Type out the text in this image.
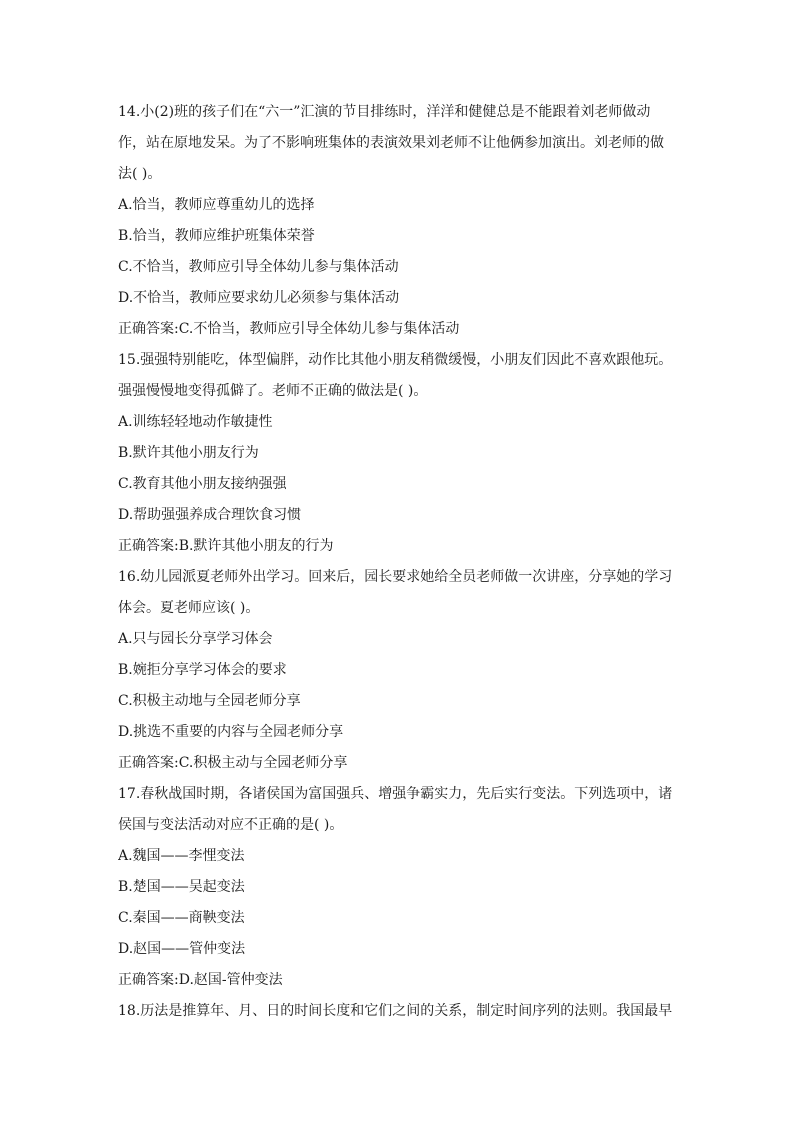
14.小(2)班的孩子们在“六一”汇演的节目排练时，洋洋和健健总是不能跟着刘老师做动
作，站在原地发呆。为了不影响班集体的表演效果刘老师不让他俩参加演出。刘老师的做
法( )。
A.恰当，教师应尊重幼儿的选择
B.恰当，教师应维护班集体荣誉
C.不恰当，教师应引导全体幼儿参与集体活动
D.不恰当，教师应要求幼儿必须参与集体活动
正确答案:C.不恰当，教师应引导全体幼儿参与集体活动
15.强强特别能吃，体型偏胖，动作比其他小朋友稍微缓慢，小朋友们因此不喜欢跟他玩。
强强慢慢地变得孤僻了。老师不正确的做法是( )。
A.训练轻轻地动作敏捷性
B.默许其他小朋友行为
C.教育其他小朋友接纳强强
D.帮助强强养成合理饮食习惯
正确答案:B.默许其他小朋友的行为
16.幼儿园派夏老师外出学习。回来后，园长要求她给全员老师做一次讲座，分享她的学习
体会。夏老师应该( )。
A.只与园长分享学习体会
B.婉拒分享学习体会的要求
C.积极主动地与全园老师分享
D.挑选不重要的内容与全园老师分享
正确答案:C.积极主动与全园老师分享
17.春秋战国时期，各诸侯国为富国强兵、增强争霸实力，先后实行变法。下列选项中，诸
侯国与变法活动对应不正确的是( )。
A.魏国——李悝变法
B.楚国——吴起变法
C.秦国——商鞅变法
D.赵国——管仲变法
正确答案:D.赵国-管仲变法
18.历法是推算年、月、日的时间长度和它们之间的关系，制定时间序列的法则。我国最早
